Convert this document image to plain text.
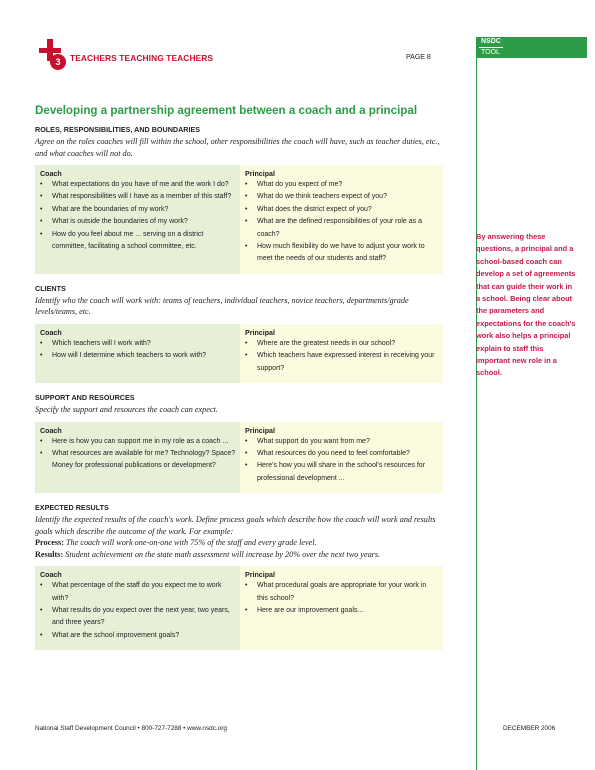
3 TEACHERS TEACHING TEACHERS	PAGE 8
NSDC
TOOL
By answering these questions, a principal and a school-based coach can develop a set of agreements that can guide their work in a school. Being clear about the parameters and expectations for the coach's work also helps a principal explain to staff this important new role in a school.
Developing a partnership agreement between a coach and a principal
ROLES, RESPONSIBILITIES, AND BOUNDARIES
Agree on the roles coaches will fill within the school, other responsibilities the coach will have, such as teacher duties, etc., and what coaches will not do.
Coach
• What expectations do you have of me and the work I do?
• What responsibilities will I have as a member of this staff?
• What are the boundaries of my work?
• What is outside the boundaries of my work?
• How do you feel about me ... serving on a district committee, facilitating a school committee, etc.
Principal
• What do you expect of me?
• What do we think teachers expect of you?
• What does the district expect of you?
• What are the defined responsibilities of your role as a coach?
• How much flexibility do we have to adjust your work to meet the needs of our students and staff?
CLIENTS
Identify who the coach will work with: teams of teachers, individual teachers, novice teachers, departments/grade levels/teams, etc.
Coach
• Which teachers will I work with?
• How will I determine which teachers to work with?
Principal
• Where are the greatest needs in our school?
• Which teachers have expressed interest in receiving your support?
SUPPORT AND RESOURCES
Specify the support and resources the coach can expect.
Coach
• Here is how you can support me in my role as a coach ...
• What resources are available for me? Technology? Space? Money for professional publications or development?
Principal
• What support do you want from me?
• What resources do you need to feel comfortable?
• Here's how you will share in the school's resources for professional development ...
EXPECTED RESULTS
Identify the expected results of the coach's work. Define process goals which describe how the coach will work and results goals which describe the outcome of the work. For example:
Process: The coach will work one-on-one with 75% of the staff and every grade level.
Results: Student achievement on the state math assessment will increase by 20% over the next two years.
Coach
• What percentage of the staff do you expect me to work with?
• What results do you expect over the next year, two years, and three years?
• What are the school improvement goals?
Principal
• What procedural goals are appropriate for your work in this school?
• Here are our improvement goals...
National Staff Development Council • 800-727-7288 • www.nsdc.org	DECEMBER 2006
